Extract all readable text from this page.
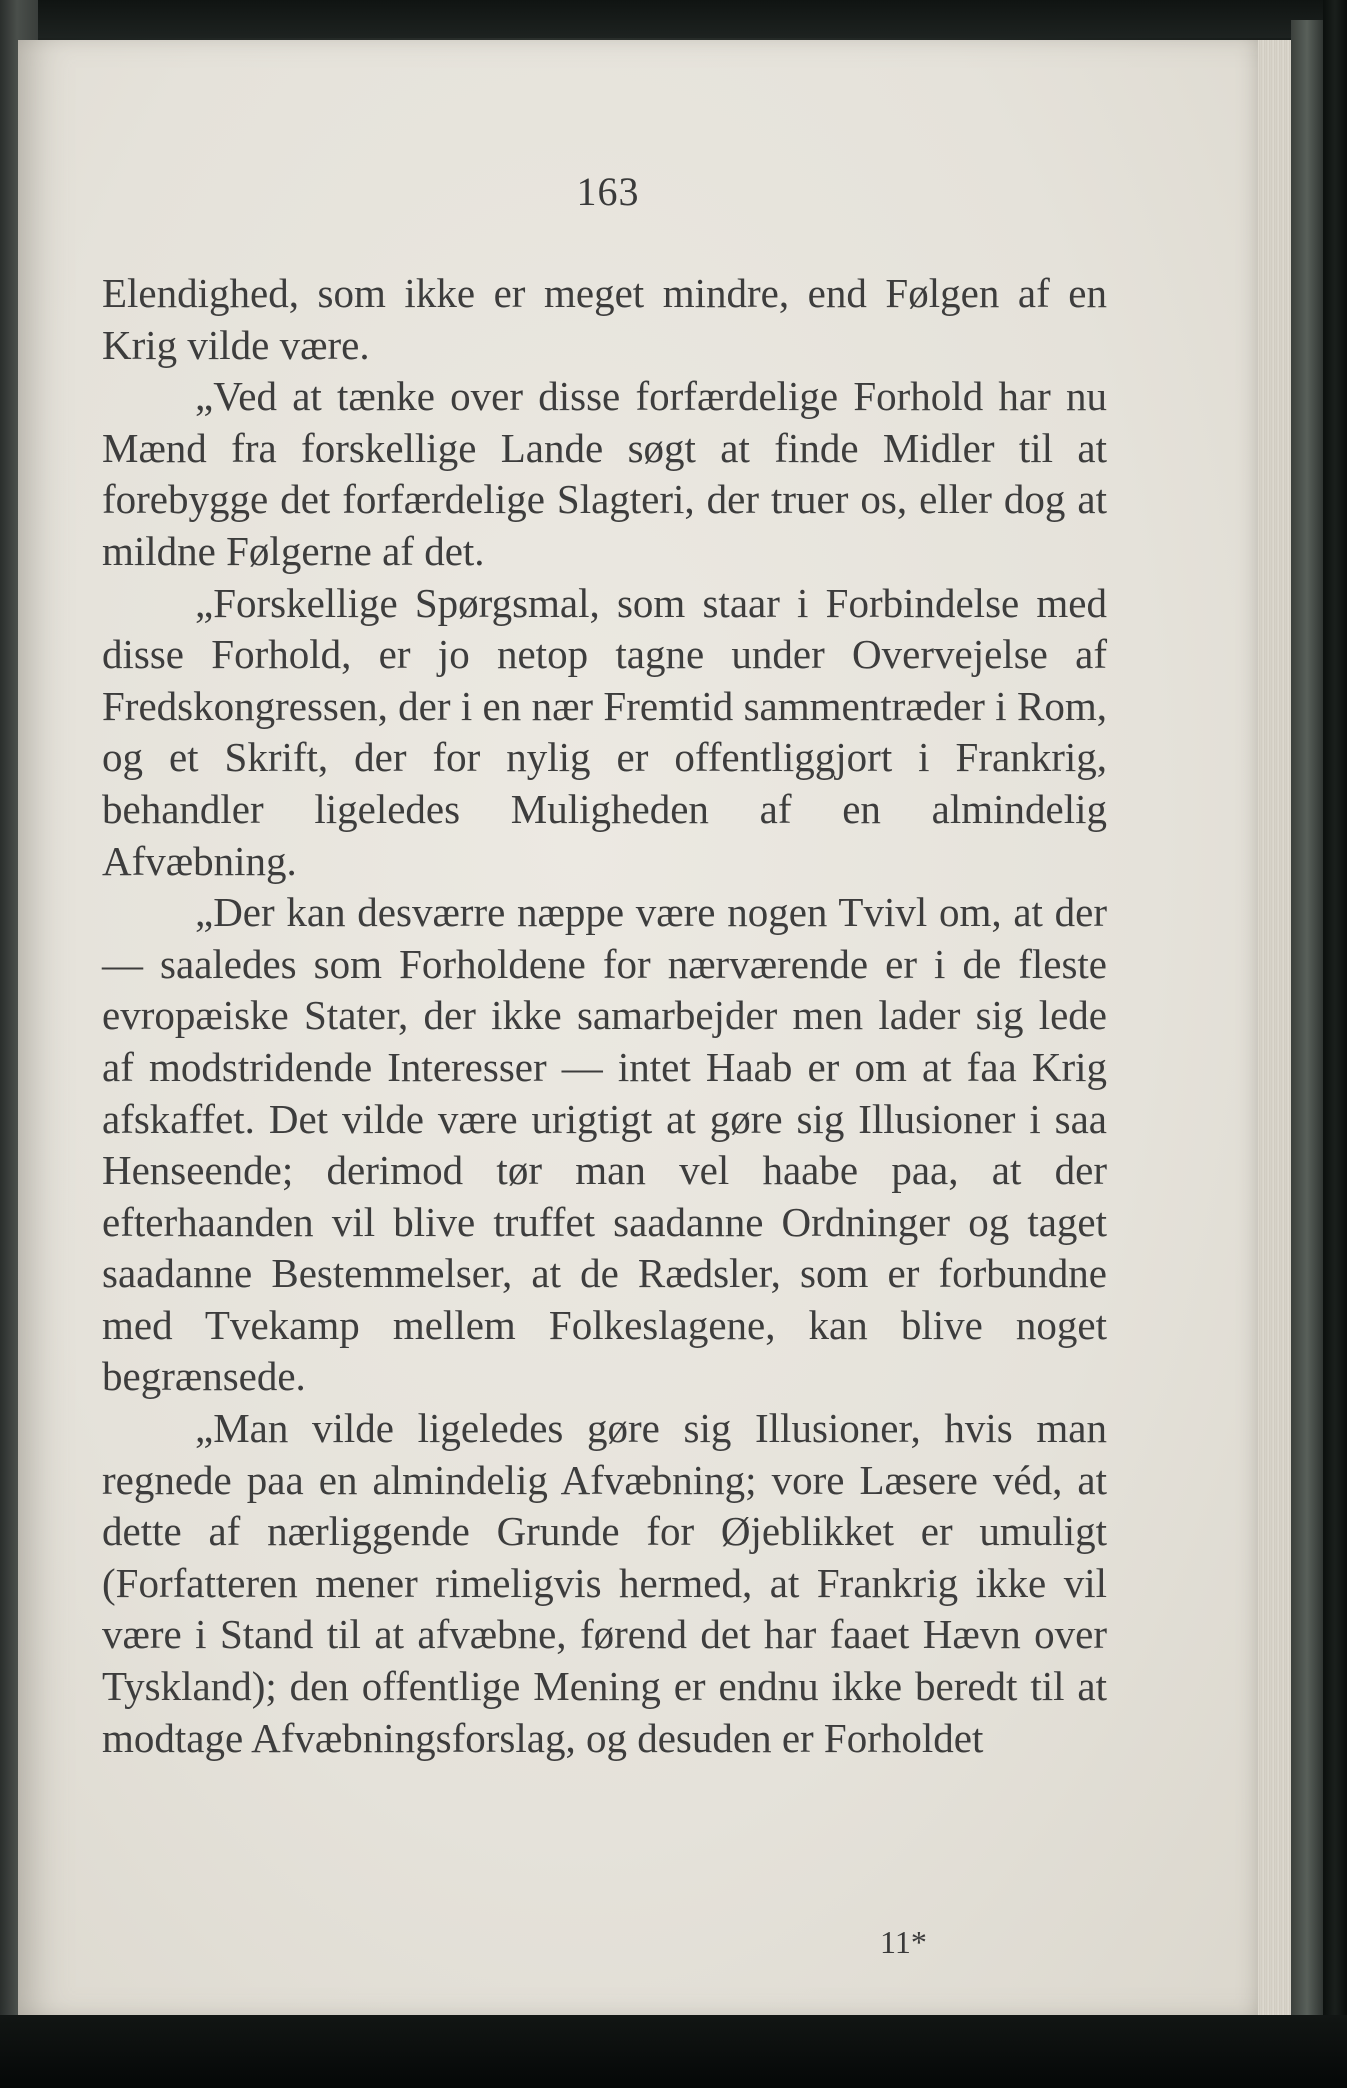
163

Elendighed, som ikke er meget mindre, end Følgen af en Krig vilde være.

„Ved at tænke over disse forfærdelige Forhold har nu Mænd fra forskellige Lande søgt at finde Midler til at forebygge det forfærdelige Slagteri, der truer os, eller dog at mildne Følgerne af det.

„Forskellige Spørgsmal, som staar i Forbindelse med disse Forhold, er jo netop tagne under Overvejelse af Fredskongressen, der i en nær Fremtid sammentræder i Rom, og et Skrift, der for nylig er offentliggjort i Frankrig, behandler ligeledes Muligheden af en almindelig Afvæbning.

„Der kan desværre næppe være nogen Tvivl om, at der — saaledes som Forholdene for nærværende er i de fleste evropæiske Stater, der ikke samarbejder men lader sig lede af modstridende Interesser — intet Haab er om at faa Krig afskaffet. Det vilde være urigtigt at gøre sig Illusioner i saa Henseende; derimod tør man vel haabe paa, at der efterhaanden vil blive truffet saadanne Ordninger og taget saadanne Bestemmelser, at de Rædsler, som er forbundne med Tvekamp mellem Folkeslagene, kan blive noget begrænsede.

„Man vilde ligeledes gøre sig Illusioner, hvis man regnede paa en almindelig Afvæbning; vore Læsere véd, at dette af nærliggende Grunde for Øjeblikket er umuligt (Forfatteren mener rimeligvis hermed, at Frankrig ikke vil være i Stand til at afvæbne, førend det har faaet Hævn over Tyskland); den offentlige Mening er endnu ikke beredt til at modtage Afvæbningsforslag, og desuden er Forholdet

11*
